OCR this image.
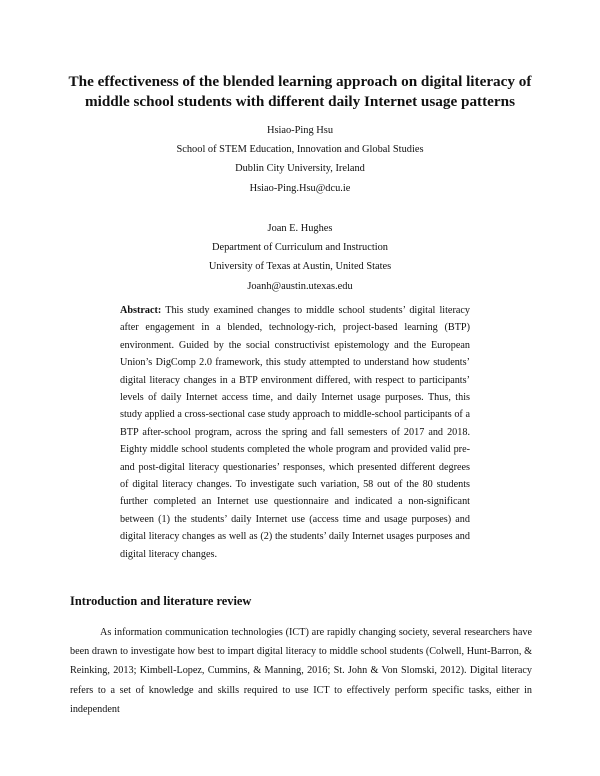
The effectiveness of the blended learning approach on digital literacy of
middle school students with different daily Internet usage patterns
Hsiao-Ping Hsu
School of STEM Education, Innovation and Global Studies
Dublin City University, Ireland
Hsiao-Ping.Hsu@dcu.ie
Joan E. Hughes
Department of Curriculum and Instruction
University of Texas at Austin, United States
Joanh@austin.utexas.edu
Abstract: This study examined changes to middle school students’ digital literacy after engagement in a blended, technology-rich, project-based learning (BTP) environment. Guided by the social constructivist epistemology and the European Union’s DigComp 2.0 framework, this study attempted to understand how students’ digital literacy changes in a BTP environment differed, with respect to participants’ levels of daily Internet access time, and daily Internet usage purposes. Thus, this study applied a cross-sectional case study approach to middle-school participants of a BTP after-school program, across the spring and fall semesters of 2017 and 2018. Eighty middle school students completed the whole program and provided valid pre- and post-digital literacy questionaries’ responses, which presented different degrees of digital literacy changes. To investigate such variation, 58 out of the 80 students further completed an Internet use questionnaire and indicated a non-significant between (1) the students’ daily Internet use (access time and usage purposes) and digital literacy changes as well as (2) the students’ daily Internet usages purposes and digital literacy changes.
Introduction and literature review
As information communication technologies (ICT) are rapidly changing society, several researchers have been drawn to investigate how best to impart digital literacy to middle school students (Colwell, Hunt-Barron, & Reinking, 2013; Kimbell-Lopez, Cummins, & Manning, 2016; St. John & Von Slomski, 2012). Digital literacy refers to a set of knowledge and skills required to use ICT to effectively perform specific tasks, either in independent
